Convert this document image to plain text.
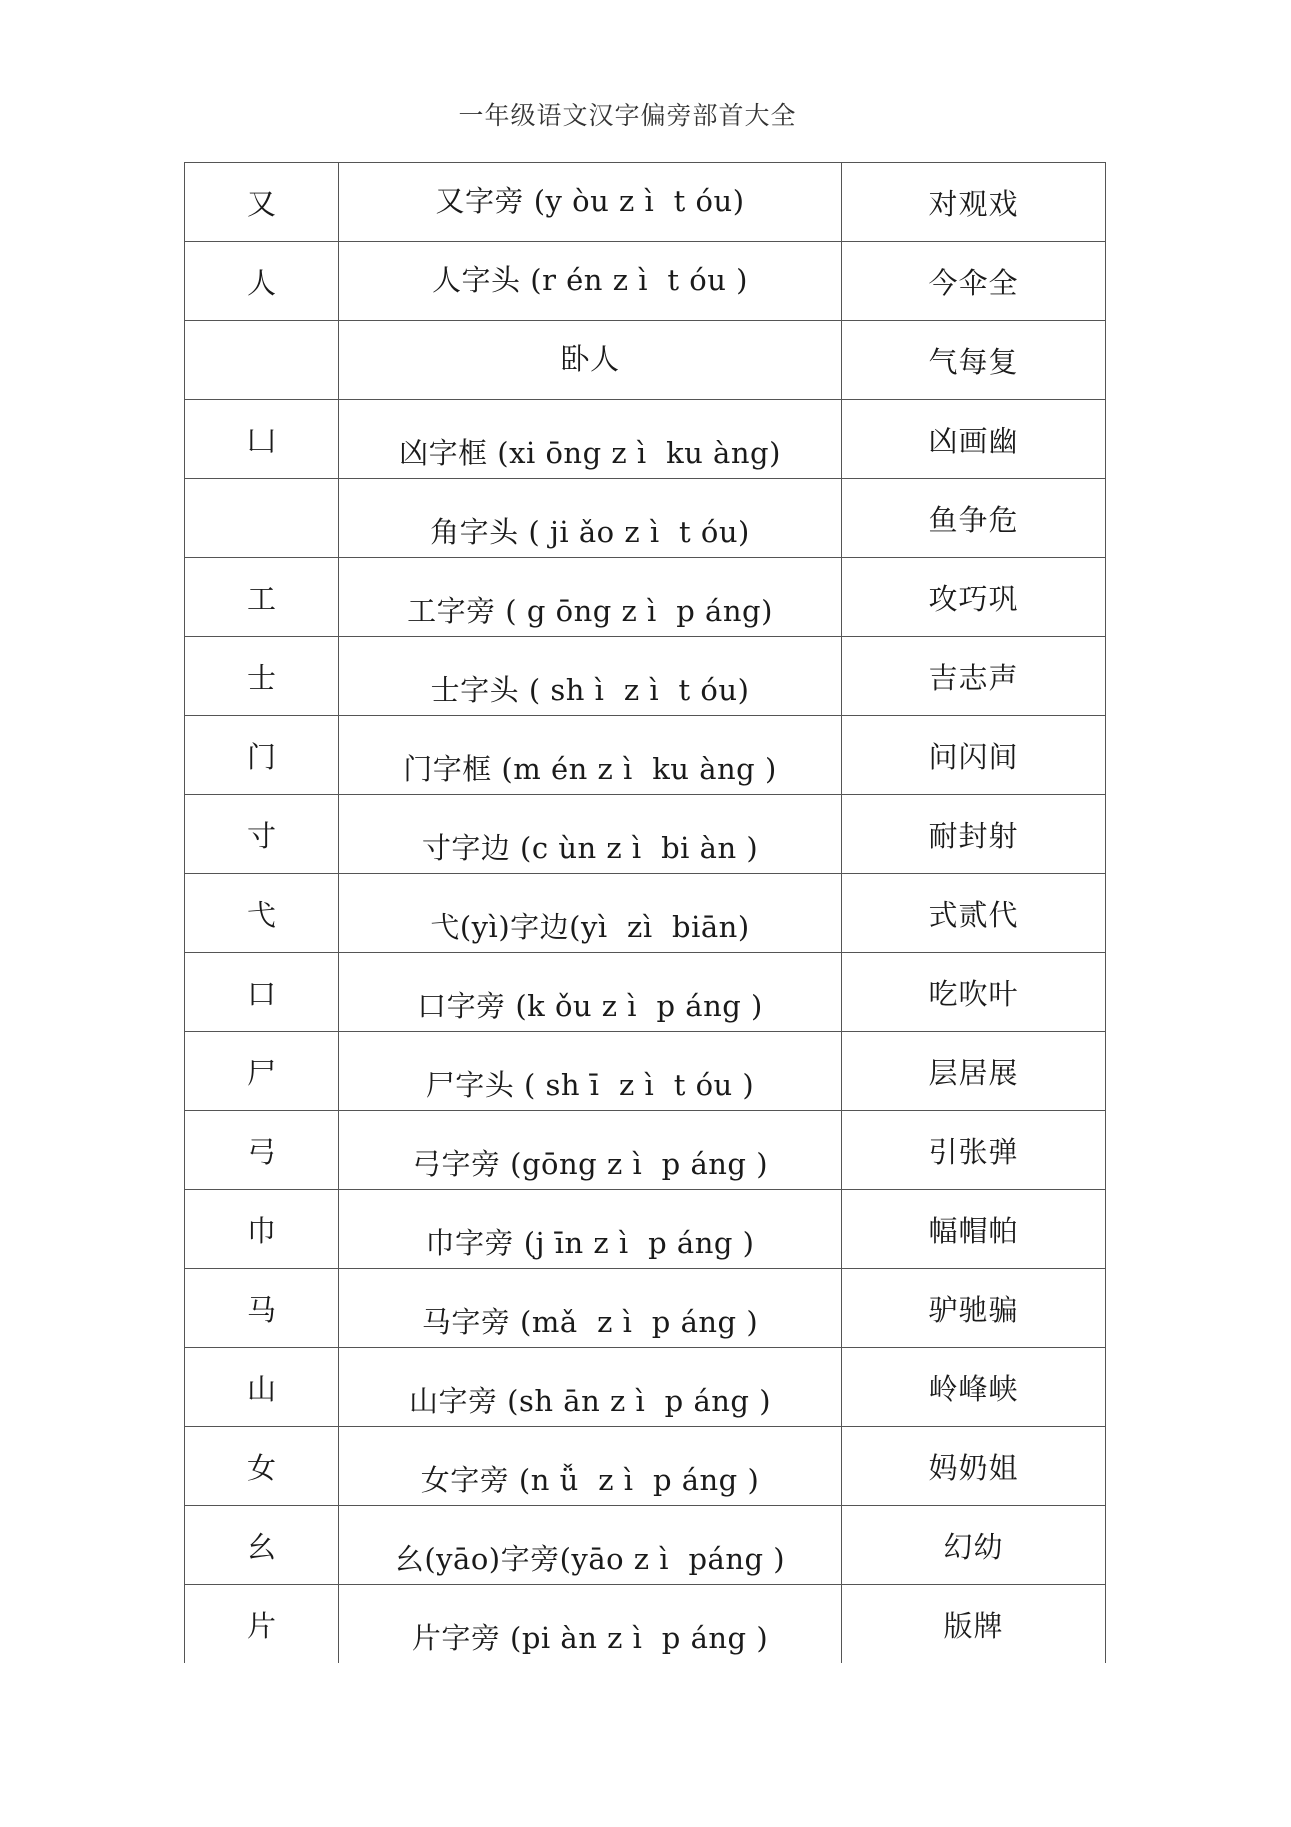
一年级语文汉字偏旁部首大全
又	又字旁 (y òu z ì  t óu)	对观戏
人	人字头 (r én z ì  t óu )	今伞全
	卧人	气每复
凵	凶字框 (xi ōng z ì  ku àng)	凶画幽
	角字头 ( ji ǎo z ì  t óu)	鱼争危
工	工字旁 ( g ōng z ì  p áng)	攻巧巩
士	士字头 ( sh ì  z ì  t óu)	吉志声
门	门字框 (m én z ì  ku àng )	问闪间
寸	寸字边 (c ùn z ì  bi àn )	耐封射
弋	弋(yì)字边(yì  zì  biān)	式贰代
口	口字旁 (k ǒu z ì  p áng )	吃吹叶
尸	尸字头 ( sh ī  z ì  t óu )	层居展
弓	弓字旁 (gōng z ì  p áng )	引张弹
巾	巾字旁 (j īn z ì  p áng )	幅帽帕
马	马字旁 (mǎ  z ì  p áng )	驴驰骗
山	山字旁 (sh ān z ì  p áng )	岭峰峡
女	女字旁 (n ǚ  z ì  p áng )	妈奶姐
幺	幺(yāo)字旁(yāo z ì  páng )	幻幼
片	片字旁 (pi àn z ì  p áng )	版牌
